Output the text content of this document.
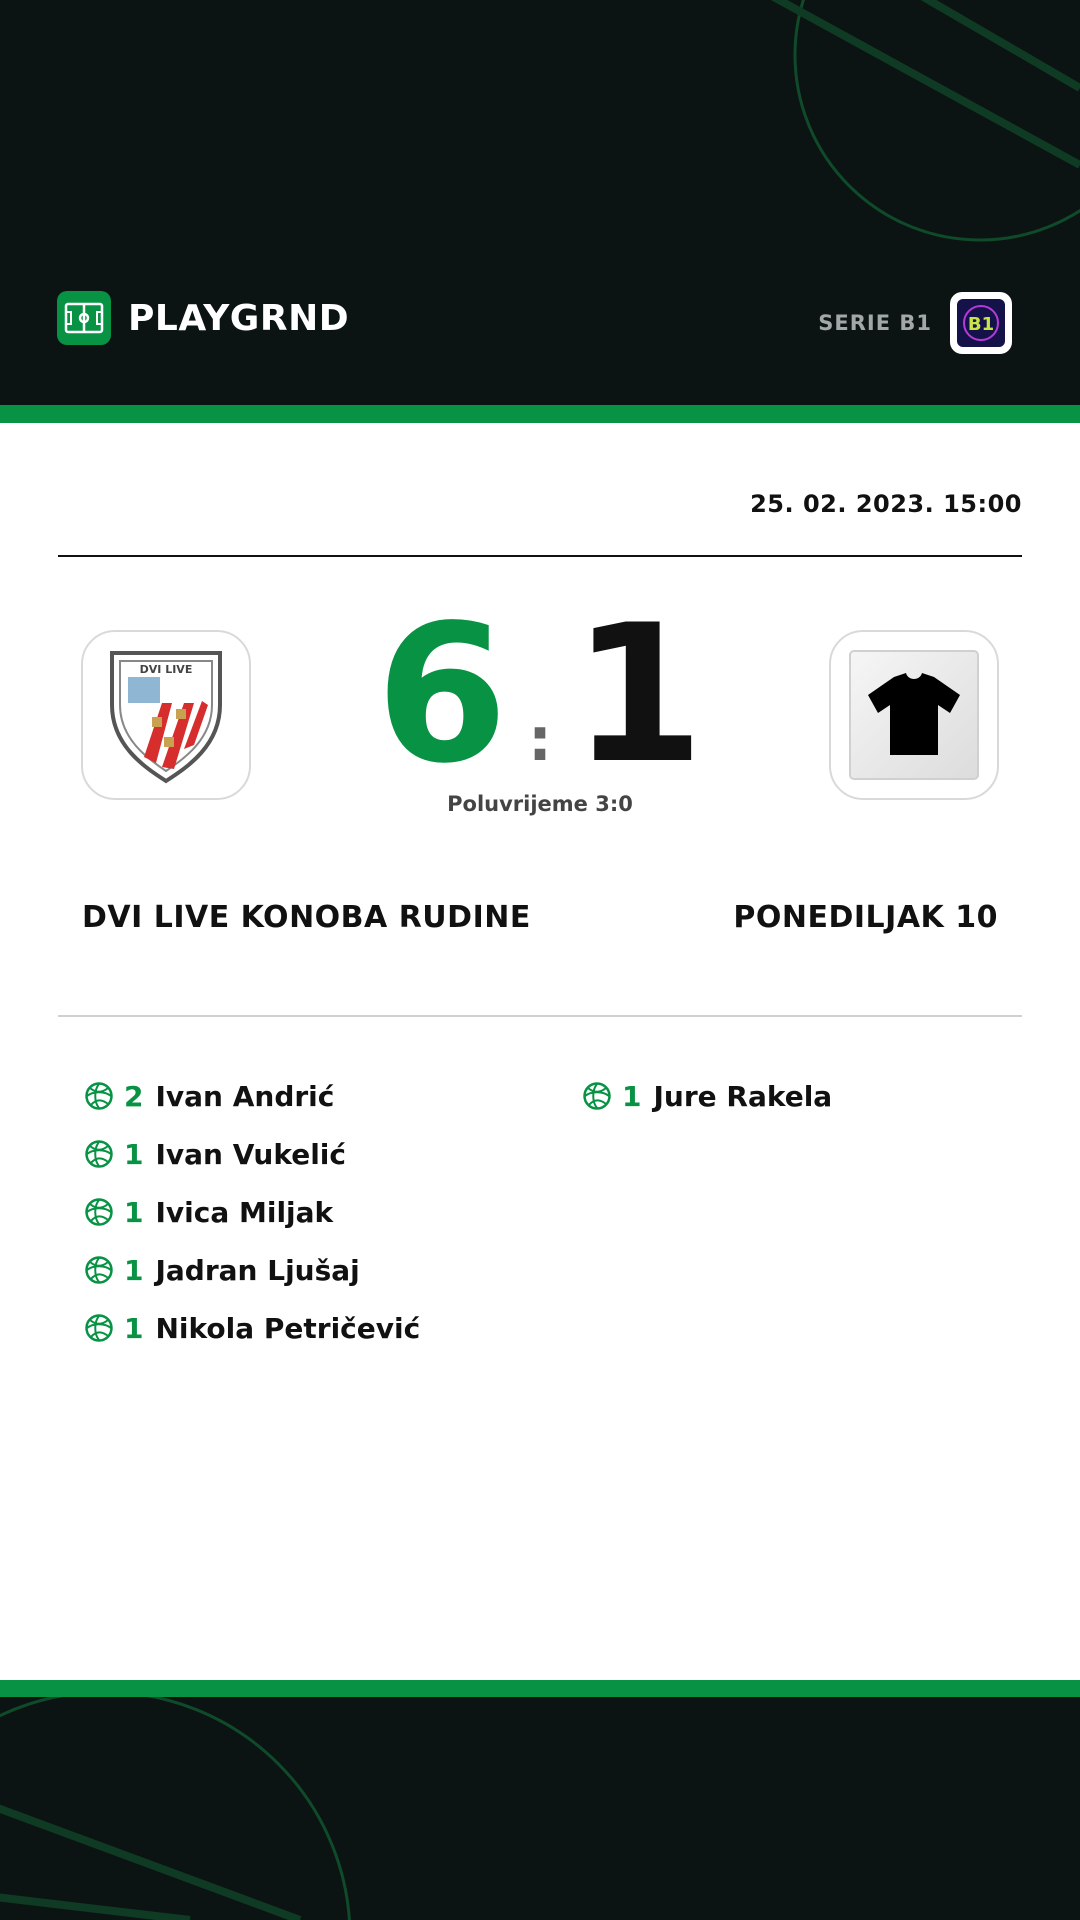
PLAYGRND	SERIE B1 B1
25. 02. 2023. 15:00
DVI LIVE 6 : 1
Poluvrijeme 3:0
DVI LIVE KONOBA RUDINE	PONEDILJAK 10
2 Ivan Andrić
1 Ivan Vukelić
1 Ivica Miljak
1 Jadran Ljušaj
1 Nikola Petričević
1 Jure Rakela
